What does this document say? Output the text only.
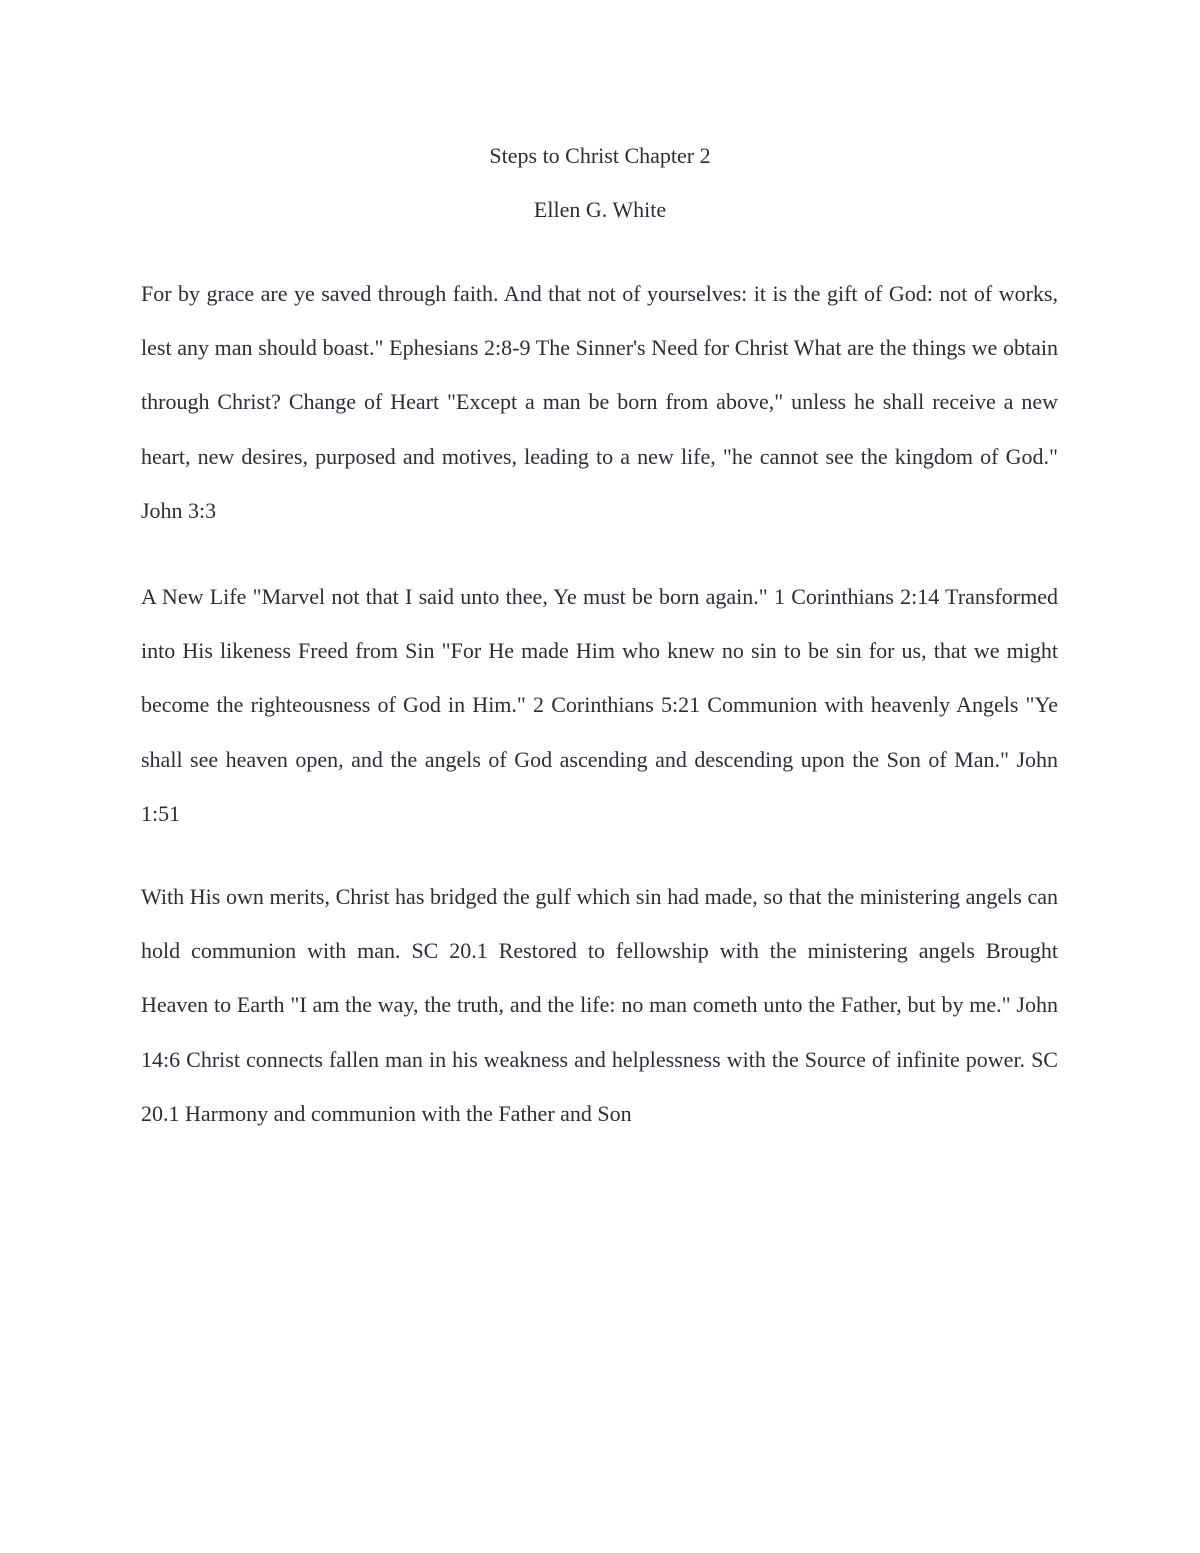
Steps to Christ Chapter 2
Ellen G. White

For by grace are ye saved through faith. And that not of yourselves: it is the gift of God: not of works, lest any man should boast." Ephesians 2:8-9 The Sinner's Need for Christ What are the things we obtain through Christ? Change of Heart "Except a man be born from above," unless he shall receive a new heart, new desires, purposed and motives, leading to a new life, "he cannot see the kingdom of God." John 3:3

A New Life "Marvel not that I said unto thee, Ye must be born again." 1 Corinthians 2:14 Transformed into His likeness Freed from Sin "For He made Him who knew no sin to be sin for us, that we might become the righteousness of God in Him." 2 Corinthians 5:21 Communion with heavenly Angels "Ye shall see heaven open, and the angels of God ascending and descending upon the Son of Man." John 1:51

With His own merits, Christ has bridged the gulf which sin had made, so that the ministering angels can hold communion with man. SC 20.1 Restored to fellowship with the ministering angels Brought Heaven to Earth "I am the way, the truth, and the life: no man cometh unto the Father, but by me." John 14:6 Christ connects fallen man in his weakness and helplessness with the Source of infinite power. SC 20.1 Harmony and communion with the Father and Son
